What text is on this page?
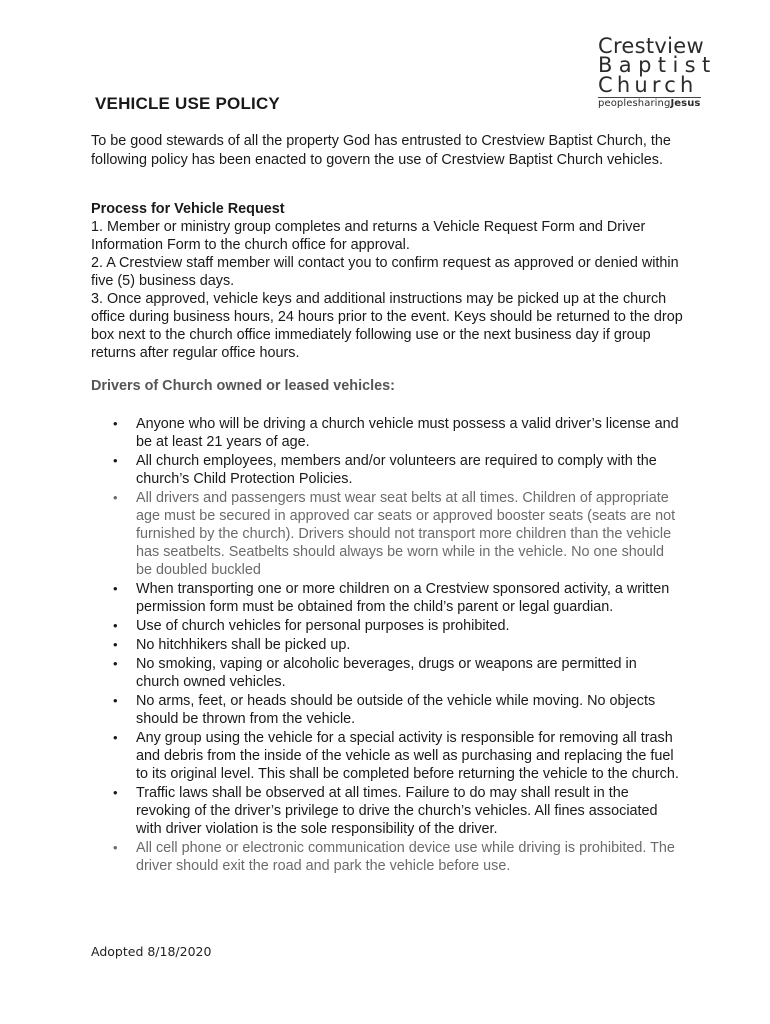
Crestview
Baptist
Church
peoplesharingJesus
VEHICLE USE POLICY
To be good stewards of all the property God has entrusted to Crestview Baptist Church, the following policy has been enacted to govern the use of Crestview Baptist Church vehicles.
Process for Vehicle Request
1. Member or ministry group completes and returns a Vehicle Request Form and Driver Information Form to the church office for approval.
2. A Crestview staff member will contact you to confirm request as approved or denied within five (5) business days.
3. Once approved, vehicle keys and additional instructions may be picked up at the church office during business hours, 24 hours prior to the event. Keys should be returned to the drop box next to the church office immediately following use or the next business day if group returns after regular office hours.
Drivers of Church owned or leased vehicles:
• Anyone who will be driving a church vehicle must possess a valid driver’s license and be at least 21 years of age.
• All church employees, members and/or volunteers are required to comply with the church’s Child Protection Policies.
• All drivers and passengers must wear seat belts at all times. Children of appropriate age must be secured in approved car seats or approved booster seats (seats are not furnished by the church). Drivers should not transport more children than the vehicle has seatbelts. Seatbelts should always be worn while in the vehicle. No one should be doubled buckled
• When transporting one or more children on a Crestview sponsored activity, a written permission form must be obtained from the child’s parent or legal guardian.
• Use of church vehicles for personal purposes is prohibited.
• No hitchhikers shall be picked up.
• No smoking, vaping or alcoholic beverages, drugs or weapons are permitted in church owned vehicles.
• No arms, feet, or heads should be outside of the vehicle while moving. No objects should be thrown from the vehicle.
• Any group using the vehicle for a special activity is responsible for removing all trash and debris from the inside of the vehicle as well as purchasing and replacing the fuel to its original level. This shall be completed before returning the vehicle to the church.
• Traffic laws shall be observed at all times. Failure to do may shall result in the revoking of the driver’s privilege to drive the church’s vehicles. All fines associated with driver violation is the sole responsibility of the driver.
• All cell phone or electronic communication device use while driving is prohibited. The driver should exit the road and park the vehicle before use.
Adopted 8/18/2020
